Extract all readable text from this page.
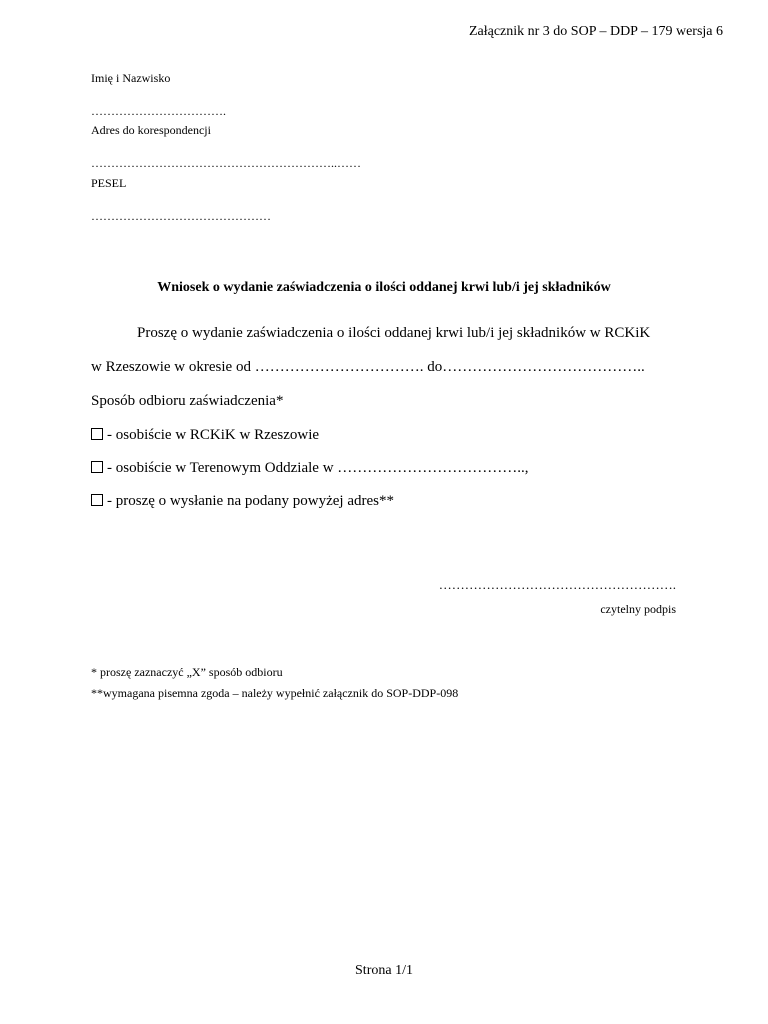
Załącznik nr 3 do SOP – DDP – 179 wersja 6
Imię i Nazwisko
…………………………….
Adres do korespondencji
……………………………………………………..……
PESEL
………………………………………
Wniosek o wydanie zaświadczenia o ilości oddanej krwi lub/i jej składników
Proszę o wydanie zaświadczenia o ilości oddanej krwi lub/i jej składników w RCKiK
w Rzeszowie w okresie od ……………………………. do…………………………………..
Sposób odbioru zaświadczenia*
- osobiście w RCKiK w Rzeszowie
- osobiście w Terenowym Oddziale w ………………………………..,
- proszę o wysłanie na podany powyżej adres**
……………………………………………….
czytelny podpis
* proszę zaznaczyć „X” sposób odbioru
**wymagana pisemna zgoda – należy wypełnić załącznik do SOP-DDP-098
Strona 1/1
